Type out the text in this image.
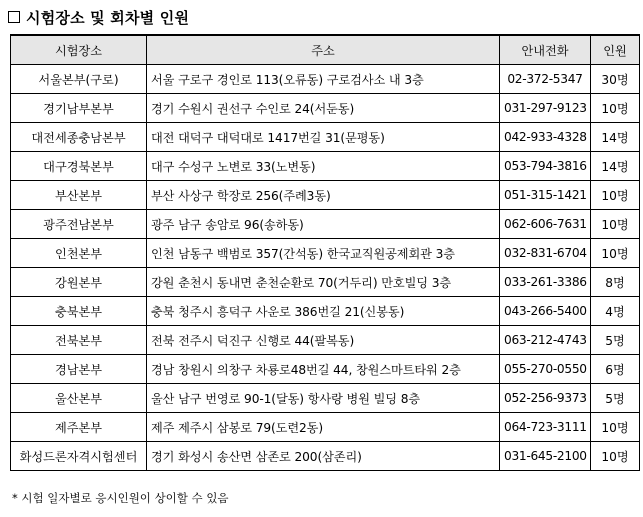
시험장소 및 회차별 인원
시험장소	주소	안내전화	인원
서울본부(구로)	서울 구로구 경인로 113(오류동) 구로검사소 내 3층	02-372-5347	30명
경기남부본부	경기 수원시 권선구 수인로 24(서둔동)	031-297-9123	10명
대전세종충남본부	대전 대덕구 대덕대로 1417번길 31(문평동)	042-933-4328	14명
대구경북본부	대구 수성구 노변로 33(노변동)	053-794-3816	14명
부산본부	부산 사상구 학장로 256(주례3동)	051-315-1421	10명
광주전남본부	광주 남구 송암로 96(송하동)	062-606-7631	10명
인천본부	인천 남동구 백범로 357(간석동) 한국교직원공제회관 3층	032-831-6704	10명
강원본부	강원 춘천시 동내면 춘천순환로 70(거두리) 만호빌딩 3층	033-261-3386	8명
충북본부	충북 청주시 흥덕구 사운로 386번길 21(신봉동)	043-266-5400	4명
전북본부	전북 전주시 덕진구 신행로 44(팔복동)	063-212-4743	5명
경남본부	경남 창원시 의창구 차룡로48번길 44, 창원스마트타워 2층	055-270-0550	6명
울산본부	울산 남구 번영로 90-1(달동) 항사랑 병원 빌딩 8층	052-256-9373	5명
제주본부	제주 제주시 삼봉로 79(도련2동)	064-723-3111	10명
화성드론자격시험센터	경기 화성시 송산면 삼존로 200(삼존리)	031-645-2100	10명
* 시험 일자별로 응시인원이 상이할 수 있음
